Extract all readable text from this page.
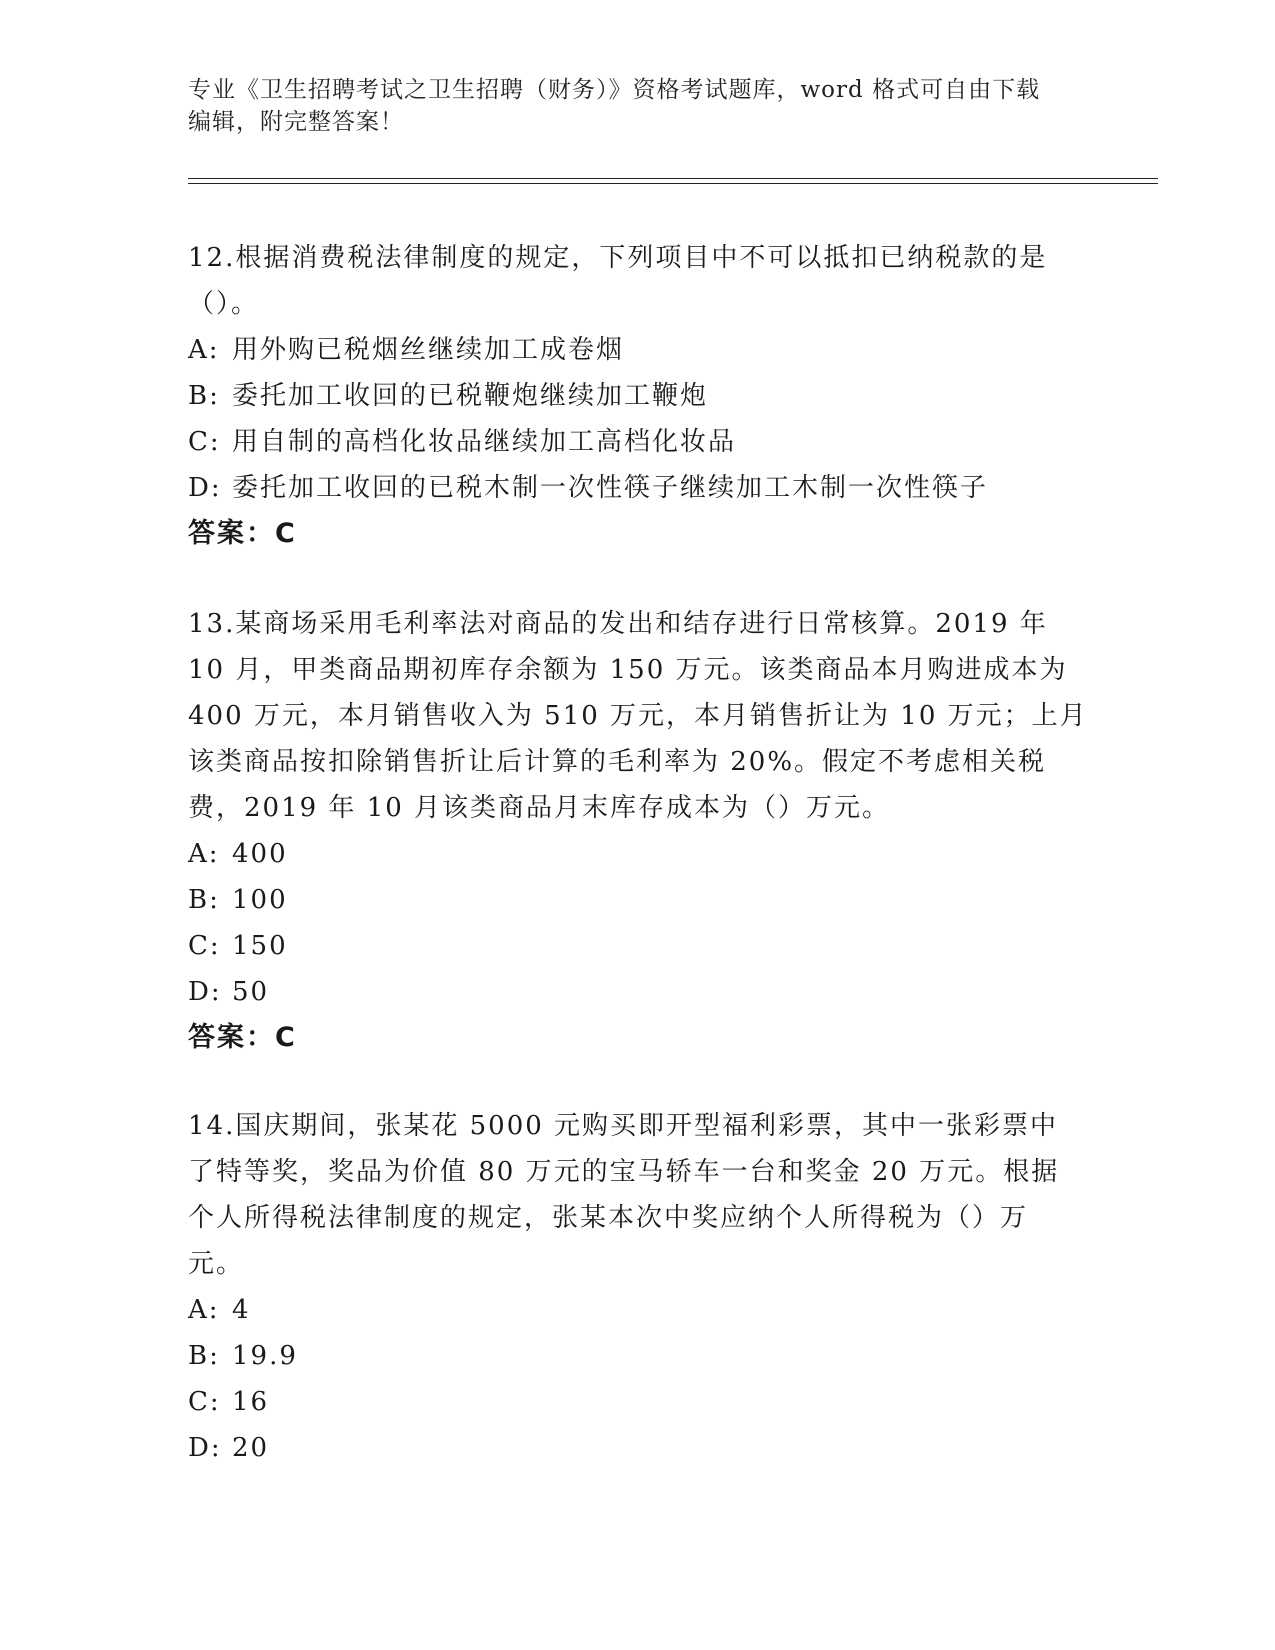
专业《卫生招聘考试之卫生招聘（财务）》资格考试题库，word 格式可自由下载
编辑，附完整答案！

12.根据消费税法律制度的规定，下列项目中不可以抵扣已纳税款的是
（）。

A: 用外购已税烟丝继续加工成卷烟
B: 委托加工收回的已税鞭炮继续加工鞭炮
C: 用自制的高档化妆品继续加工高档化妆品
D: 委托加工收回的已税木制一次性筷子继续加工木制一次性筷子
答案：C

13.某商场采用毛利率法对商品的发出和结存进行日常核算。2019 年
10 月，甲类商品期初库存余额为 150 万元。该类商品本月购进成本为
400 万元，本月销售收入为 510 万元，本月销售折让为 10 万元；上月
该类商品按扣除销售折让后计算的毛利率为 20%。假定不考虑相关税
费，2019 年 10 月该类商品月末库存成本为（）万元。

A: 400
B: 100
C: 150
D: 50
答案：C

14.国庆期间，张某花 5000 元购买即开型福利彩票，其中一张彩票中
了特等奖，奖品为价值 80 万元的宝马轿车一台和奖金 20 万元。根据
个人所得税法律制度的规定，张某本次中奖应纳个人所得税为（）万
元。

A: 4
B: 19.9
C: 16
D: 20
